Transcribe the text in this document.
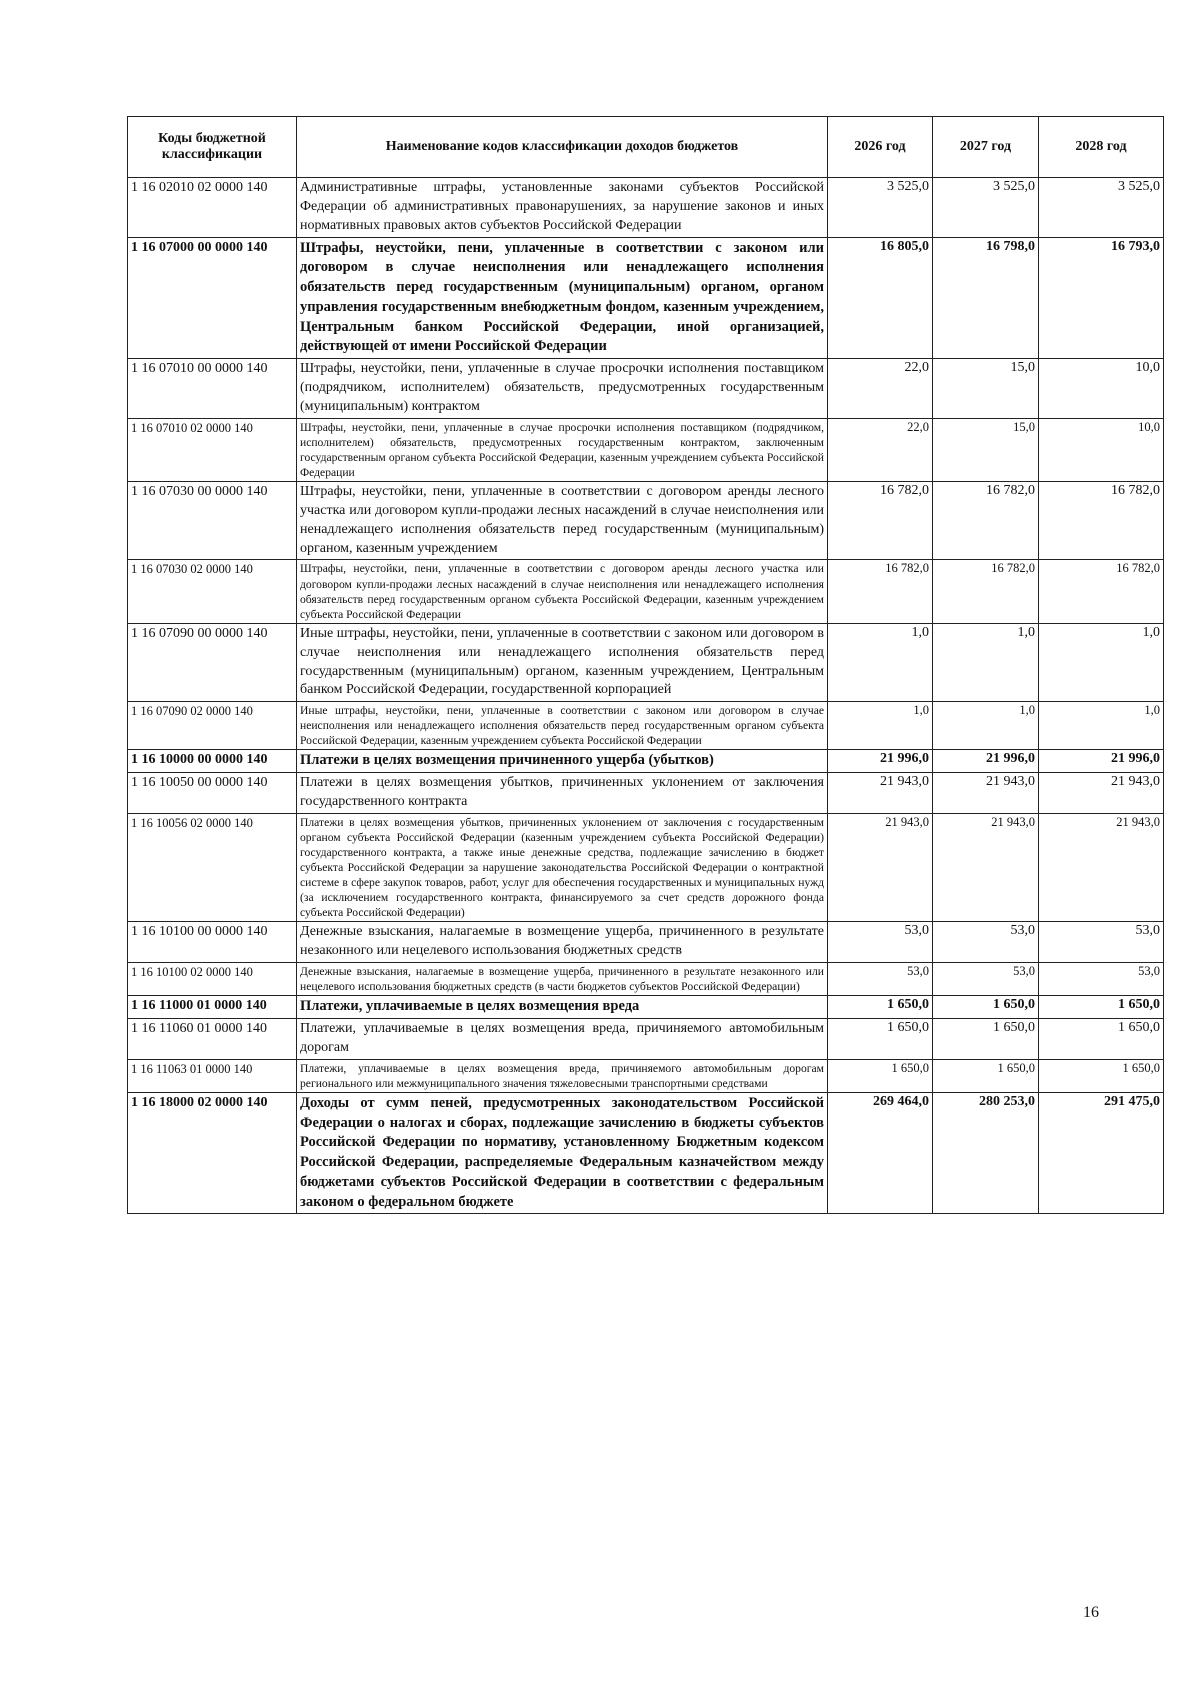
Коды бюджетной классификации	Наименование кодов классификации доходов бюджетов	2026 год	2027 год	2028 год
1 16 02010 02 0000 140	Административные штрафы, установленные законами субъектов Российской Федерации об административных правонарушениях, за нарушение законов и иных нормативных правовых актов субъектов Российской Федерации	3 525,0	3 525,0	3 525,0
1 16 07000 00 0000 140	Штрафы, неустойки, пени, уплаченные в соответствии с законом или договором в случае неисполнения или ненадлежащего исполнения обязательств перед государственным (муниципальным) органом, органом управления государственным внебюджетным фондом, казенным учреждением, Центральным банком Российской Федерации, иной организацией, действующей от имени Российской Федерации	16 805,0	16 798,0	16 793,0
1 16 07010 00 0000 140	Штрафы, неустойки, пени, уплаченные в случае просрочки исполнения поставщиком (подрядчиком, исполнителем) обязательств, предусмотренных государственным (муниципальным) контрактом	22,0	15,0	10,0
1 16 07010 02 0000 140	Штрафы, неустойки, пени, уплаченные в случае просрочки исполнения поставщиком (подрядчиком, исполнителем) обязательств, предусмотренных государственным контрактом, заключенным государственным органом субъекта Российской Федерации, казенным учреждением субъекта Российской Федерации	22,0	15,0	10,0
1 16 07030 00 0000 140	Штрафы, неустойки, пени, уплаченные в соответствии с договором аренды лесного участка или договором купли-продажи лесных насаждений в случае неисполнения или ненадлежащего исполнения обязательств перед государственным (муниципальным) органом, казенным учреждением	16 782,0	16 782,0	16 782,0
1 16 07030 02 0000 140	Штрафы, неустойки, пени, уплаченные в соответствии с договором аренды лесного участка или договором купли-продажи лесных насаждений в случае неисполнения или ненадлежащего исполнения обязательств перед государственным органом субъекта Российской Федерации, казенным учреждением субъекта Российской Федерации	16 782,0	16 782,0	16 782,0
1 16 07090 00 0000 140	Иные штрафы, неустойки, пени, уплаченные в соответствии с законом или договором в случае неисполнения или ненадлежащего исполнения обязательств перед государственным (муниципальным) органом, казенным учреждением, Центральным банком Российской Федерации, государственной корпорацией	1,0	1,0	1,0
1 16 07090 02 0000 140	Иные штрафы, неустойки, пени, уплаченные в соответствии с законом или договором в случае неисполнения или ненадлежащего исполнения обязательств перед государственным органом субъекта Российской Федерации, казенным учреждением субъекта Российской Федерации	1,0	1,0	1,0
1 16 10000 00 0000 140	Платежи в целях возмещения причиненного ущерба (убытков)	21 996,0	21 996,0	21 996,0
1 16 10050 00 0000 140	Платежи в целях возмещения убытков, причиненных уклонением от заключения государственного контракта	21 943,0	21 943,0	21 943,0
1 16 10056 02 0000 140	Платежи в целях возмещения убытков, причиненных уклонением от заключения с государственным органом субъекта Российской Федерации (казенным учреждением субъекта Российской Федерации) государственного контракта, а также иные денежные средства, подлежащие зачислению в бюджет субъекта Российской Федерации за нарушение законодательства Российской Федерации о контрактной системе в сфере закупок товаров, работ, услуг для обеспечения государственных и муниципальных нужд (за исключением государственного контракта, финансируемого за счет средств дорожного фонда субъекта Российской Федерации)	21 943,0	21 943,0	21 943,0
1 16 10100 00 0000 140	Денежные взыскания, налагаемые в возмещение ущерба, причиненного в результате незаконного или нецелевого использования бюджетных средств	53,0	53,0	53,0
1 16 10100 02 0000 140	Денежные взыскания, налагаемые в возмещение ущерба, причиненного в результате незаконного или нецелевого использования бюджетных средств (в части бюджетов субъектов Российской Федерации)	53,0	53,0	53,0
1 16 11000 01 0000 140	Платежи, уплачиваемые в целях возмещения вреда	1 650,0	1 650,0	1 650,0
1 16 11060 01 0000 140	Платежи, уплачиваемые в целях возмещения вреда, причиняемого автомобильным дорогам	1 650,0	1 650,0	1 650,0
1 16 11063 01 0000 140	Платежи, уплачиваемые в целях возмещения вреда, причиняемого автомобильным дорогам регионального или межмуниципального значения тяжеловесными транспортными средствами	1 650,0	1 650,0	1 650,0
1 16 18000 02 0000 140	Доходы от сумм пеней, предусмотренных законодательством Российской Федерации о налогах и сборах, подлежащие зачислению в бюджеты субъектов Российской Федерации по нормативу, установленному Бюджетным кодексом Российской Федерации, распределяемые Федеральным казначейством между бюджетами субъектов Российской Федерации в соответствии с федеральным законом о федеральном бюджете	269 464,0	280 253,0	291 475,0
16
